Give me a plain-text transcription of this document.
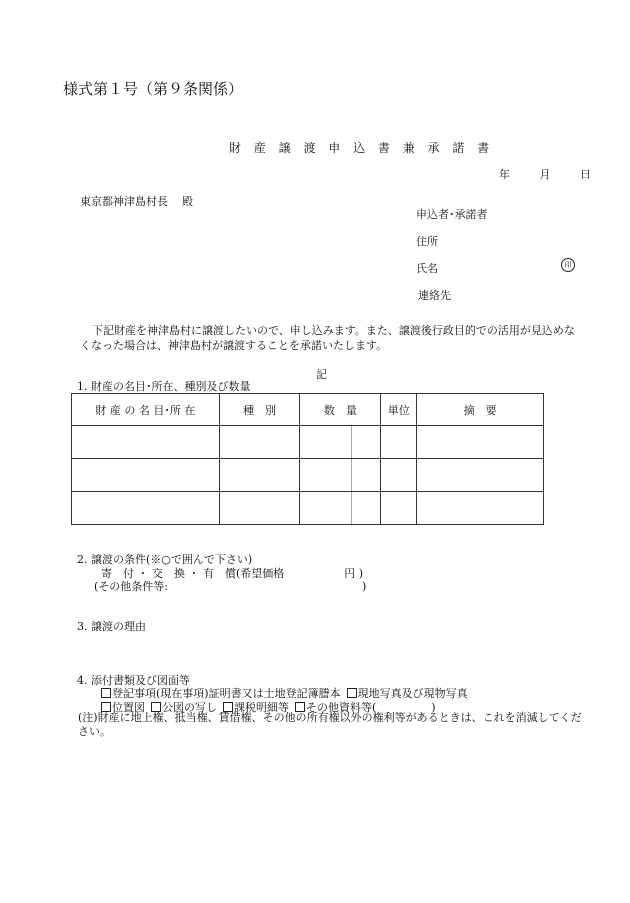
様式第１号（第９条関係）
財 産 譲 渡 申 込 書 兼 承 諾 書
年	月	日
東京都神津島村長 殿
申込者･承諾者
住所
氏名	印
連絡先
下記財産を神津島村に譲渡したいので、申し込みます。また、譲渡後行政目的での活用が見込めなくなった場合は、神津島村が譲渡することを承諾いたします。
記
1. 財産の名目･所在、種別及び数量
財 産 の 名 目･所 在	種　別	数　量	単位	摘　要

2. 譲渡の条件(※○で囲んで下さい)
寄　付 ・ 交　換 ・ 有　償(希望価格	円 )
(その他条件等:	)
3. 譲渡の理由
4. 添付書類及び図面等
登記事項(現在事項)証明書又は土地登記簿謄本 現地写真及び現物写真
位置図 公図の写し 課税明細等 その他資料等(　　　　　)
(注)財産に地上権、抵当権、賃借権、その他の所有権以外の権利等があるときは、これを消滅してください。
